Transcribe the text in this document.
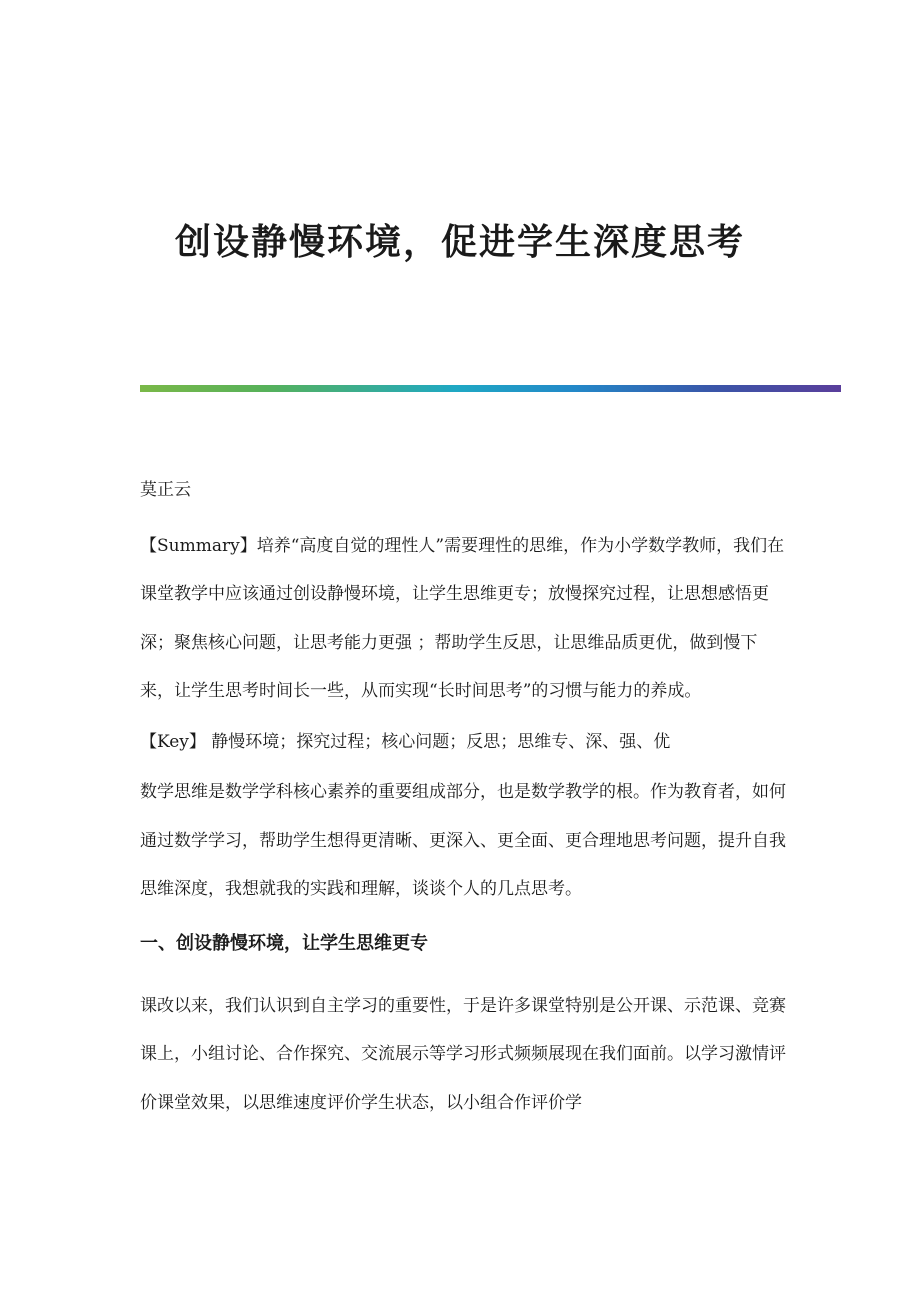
创设静慢环境，促进学生深度思考

莫正云

【Summary】培养“高度自觉的理性人”需要理性的思维，作为小学数学教师，我们在课堂教学中应该通过创设静慢环境，让学生思维更专；放慢探究过程，让思想感悟更深；聚焦核心问题，让思考能力更强 ；帮助学生反思，让思维品质更优，做到慢下来，让学生思考时间长一些，从而实现“长时间思考”的习惯与能力的养成。

【Key】 静慢环境；探究过程；核心问题；反思；思维专、深、强、优

数学思维是数学学科核心素养的重要组成部分，也是数学教学的根。作为教育者，如何通过数学学习，帮助学生想得更清晰、更深入、更全面、更合理地思考问题，提升自我思维深度，我想就我的实践和理解，谈谈个人的几点思考。

一、创设静慢环境，让学生思维更专

课改以来，我们认识到自主学习的重要性，于是许多课堂特别是公开课、示范课、竞赛课上，小组讨论、合作探究、交流展示等学习形式频频展现在我们面前。以学习激情评价课堂效果，以思维速度评价学生状态，以小组合作评价学
